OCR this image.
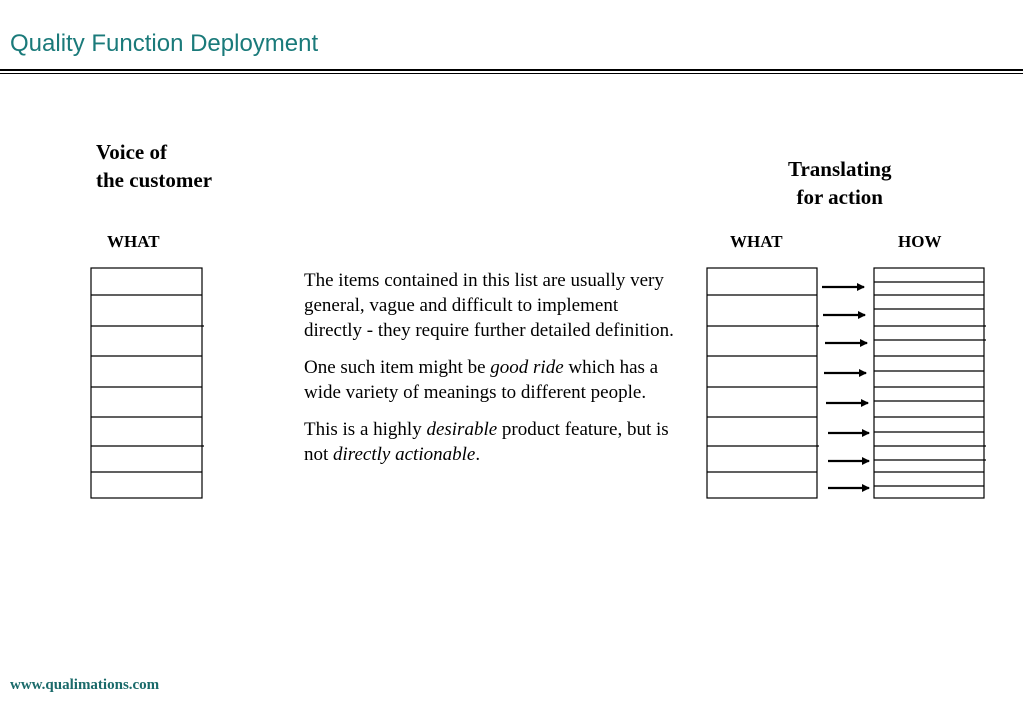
Quality Function Deployment
Voice of
the customer	Translating
for action
WHAT	WHAT	HOW

The items contained in this list are usually very general, vague and difficult to implement directly - they require further detailed definition.

One such item might be good ride which has a wide variety of meanings to different people.

This is a highly desirable product feature, but is not directly actionable.

www.qualimations.com
